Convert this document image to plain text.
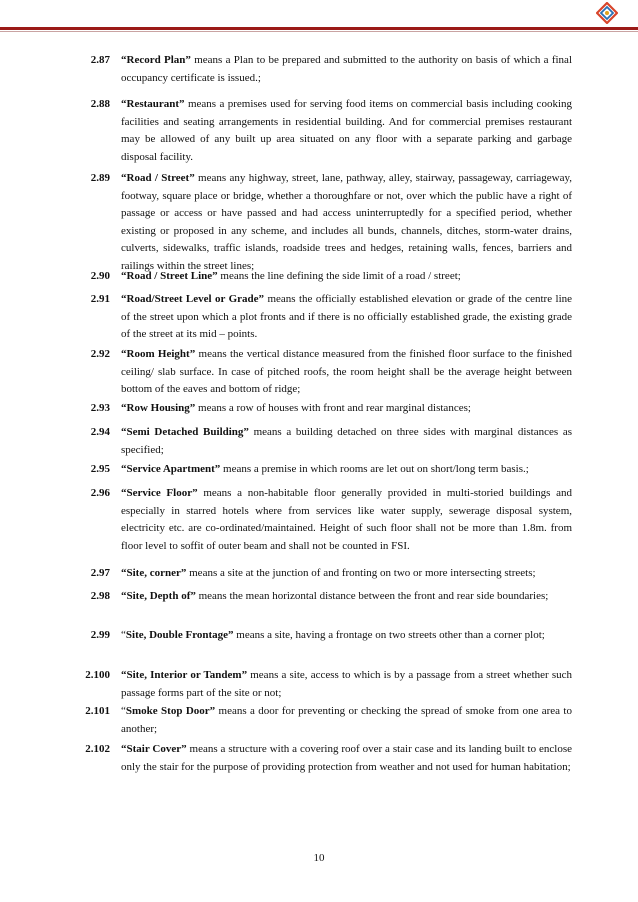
2.87 “Record Plan” means a Plan to be prepared and submitted to the authority on basis of which a final occupancy certificate is issued.;
2.88 “Restaurant” means a premises used for serving food items on commercial basis including cooking facilities and seating arrangements in residential building. And for commercial premises restaurant may be allowed of any built up area situated on any floor with a separate parking and garbage disposal facility.
2.89 “Road / Street” means any highway, street, lane, pathway, alley, stairway, passageway, carriageway, footway, square place or bridge, whether a thoroughfare or not, over which the public have a right of passage or access or have passed and had access uninterruptedly for a specified period, whether existing or proposed in any scheme, and includes all bunds, channels, ditches, storm-water drains, culverts, sidewalks, traffic islands, roadside trees and hedges, retaining walls, fences, barriers and railings within the street lines;
2.90 “Road / Street Line” means the line defining the side limit of a road / street;
2.91 “Road/Street Level or Grade” means the officially established elevation or grade of the centre line of the street upon which a plot fronts and if there is no officially established grade, the existing grade of the street at its mid – points.
2.92 “Room Height” means the vertical distance measured from the finished floor surface to the finished ceiling/ slab surface. In case of pitched roofs, the room height shall be the average height between bottom of the eaves and bottom of ridge;
2.93 “Row Housing” means a row of houses with front and rear marginal distances;
2.94 “Semi Detached Building” means a building detached on three sides with marginal distances as specified;
2.95 “Service Apartment” means a premise in which rooms are let out on short/long term basis.;
2.96 “Service Floor” means a non-habitable floor generally provided in multi-storied buildings and especially in starred hotels where from services like water supply, sewerage disposal system, electricity etc. are co-ordinated/maintained. Height of such floor shall not be more than 1.8m. from floor level to soffit of outer beam and shall not be counted in FSI.
2.97 “Site, corner” means a site at the junction of and fronting on two or more intersecting streets;
2.98 “Site, Depth of” means the mean horizontal distance between the front and rear side boundaries;
2.99 “Site, Double Frontage” means a site, having a frontage on two streets other than a corner plot;
2.100 “Site, Interior or Tandem” means a site, access to which is by a passage from a street whether such passage forms part of the site or not;
2.101 “Smoke Stop Door” means a door for preventing or checking the spread of smoke from one area to another;
2.102 “Stair Cover” means a structure with a covering roof over a stair case and its landing built to enclose only the stair for the purpose of providing protection from weather and not used for human habitation;
10
